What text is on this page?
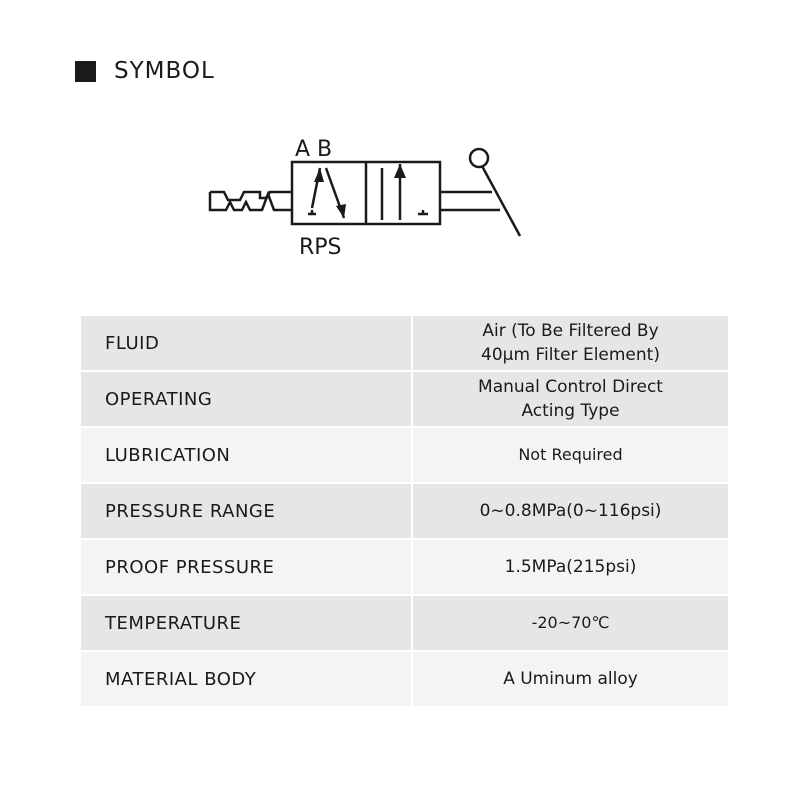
SYMBOL
A B
RPS
FLUID	Air (To Be Filtered By
40μm Filter Element)

OPERATING	Manual Control Direct
Acting Type

LUBRICATION	Not Required

PRESSURE RANGE	0~0.8MPa(0~116psi)

PROOF PRESSURE	1.5MPa(215psi)

TEMPERATURE	-20~70℃

MATERIAL BODY	A Uminum alloy
